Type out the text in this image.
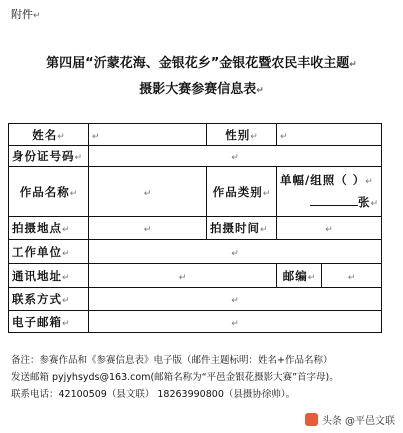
附件↵
第四届“沂蒙花海、金银花乡”金银花暨农民丰收主题↵
摄影大赛参赛信息表↵
姓名↵	↵	性别↵	↵	
身份证号码↵	↵			
作品名称↵	↵	作品类别↵	单幅/组照（ ）↵
张↵	

拍摄地点↵	↵	拍摄时间↵	↵	
工作单位↵	↵			
通讯地址↵	↵		邮编↵	↵
联系方式↵	↵			
电子邮箱↵	↵			
备注：参赛作品和《参赛信息表》电子版（邮件主题标明：姓名+作品名称）
发送邮箱 pyjyhsyds@163.com(邮箱名称为“平邑金银花摄影大赛”首字母)。
联系电话：42100509（县文联） 18263990800（县摄协徐帅）。
头条 @平邑文联
